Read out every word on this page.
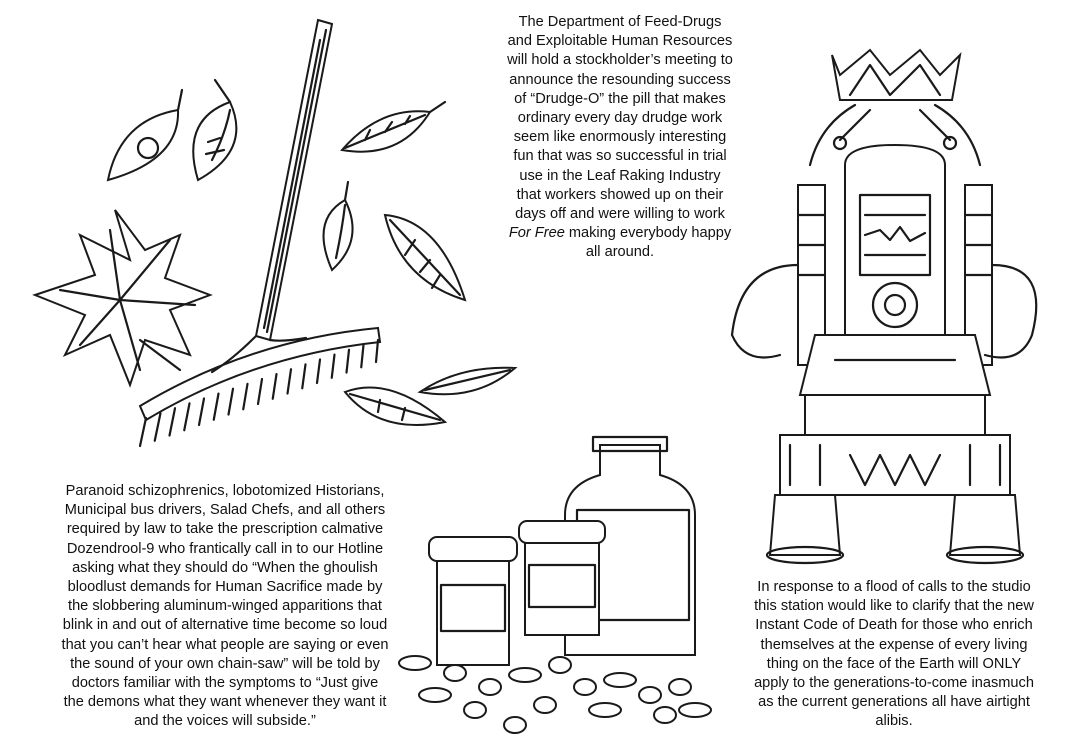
The Department of Feed-Drugs
and Exploitable Human Resources
will hold a stockholder’s meeting to
announce the resounding success
of “Drudge-O” the pill that makes
ordinary every day drudge work
seem like enormously interesting
fun that was so successful in trial
use in the Leaf Raking Industry
that workers showed up on their
days off and were willing to work
For Free making everybody happy
all around.
Paranoid schizophrenics, lobotomized Historians,
Municipal bus drivers, Salad Chefs, and all others
required by law to take the prescription calmative
Dozendrool-9 who frantically call in to our Hotline
asking what they should do “When the ghoulish
bloodlust demands for Human Sacrifice made by
the slobbering aluminum-winged apparitions that
blink in and out of alternative time become so loud
that you can’t hear what people are saying or even
the sound of your own chain-saw” will be told by
doctors familiar with the symptoms to “Just give
the demons what they want whenever they want it
and the voices will subside.”
In response to a flood of calls to the studio
this station would like to clarify that the new
Instant Code of Death for those who enrich
themselves at the expense of every living
thing on the face of the Earth will ONLY
apply to the generations-to-come inasmuch
as the current generations all have airtight
alibis.
